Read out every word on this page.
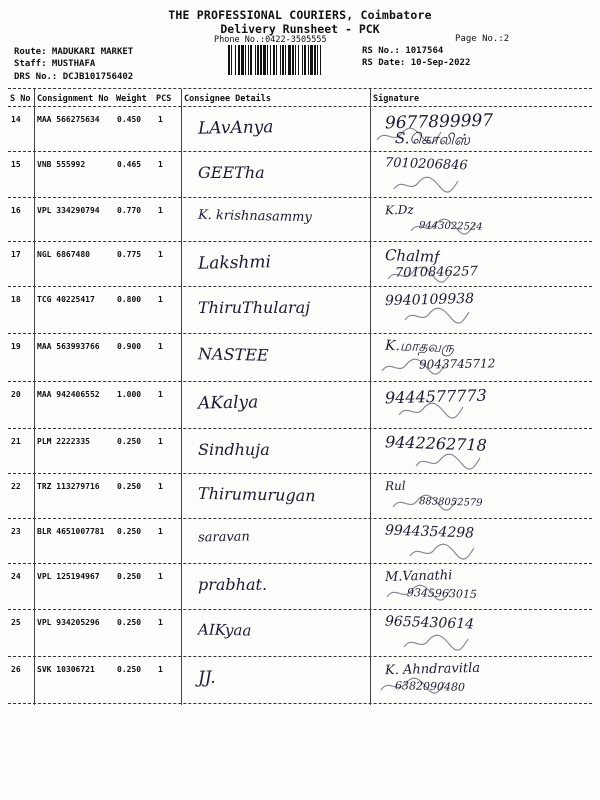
THE PROFESSIONAL COURIERS, Coimbatore
Delivery Runsheet - PCK
Phone No.:0422-3505555	Page No.:2
Route: MADUKARI MARKET
Staff: MUSTHAFA
DRS No.: DCJB101756402
RS No.: 1017564
RS Date: 10-Sep-2022
S No Consignment No Weight PCS Consignee Details	Signature
14 MAA 566275634 0.450 1 LAvAnya	9677899997
S.கொலிஸ்
15 VNB 555992	0.465 1 GEETha	7010206846
16 VPL 334290794 0.770 1	K. krishnasammy	K.Dz
9443022524
17 NGL 6867480	0.775 1 Lakshmi	Chalmf
7010846257
18 TCG 40225417	0.800 1 ThiruThularaj	9940109938
19 MAA 563993766 0.900 1 NASTEE	K.மாதவரு
9043745712
20 MAA 942406552 1.000 1 AKalya	9444577773
21 PLM 2222335	0.250 1 Sindhuja	9442262718
22 TRZ 113279716 0.250 1 Thirumurugan	Rul
8838052579
23 BLR 4651007781 0.250 1	saravan	9944354298
24 VPL 125194967 0.250 1 prabhat.	M.Vanathi
9345963015
25 VPL 934205296 0.250 1 AIKyaa	9655430614
26 SVK 10306721	0.250 1 JJ.	K. Ahndravitla
6382090480
